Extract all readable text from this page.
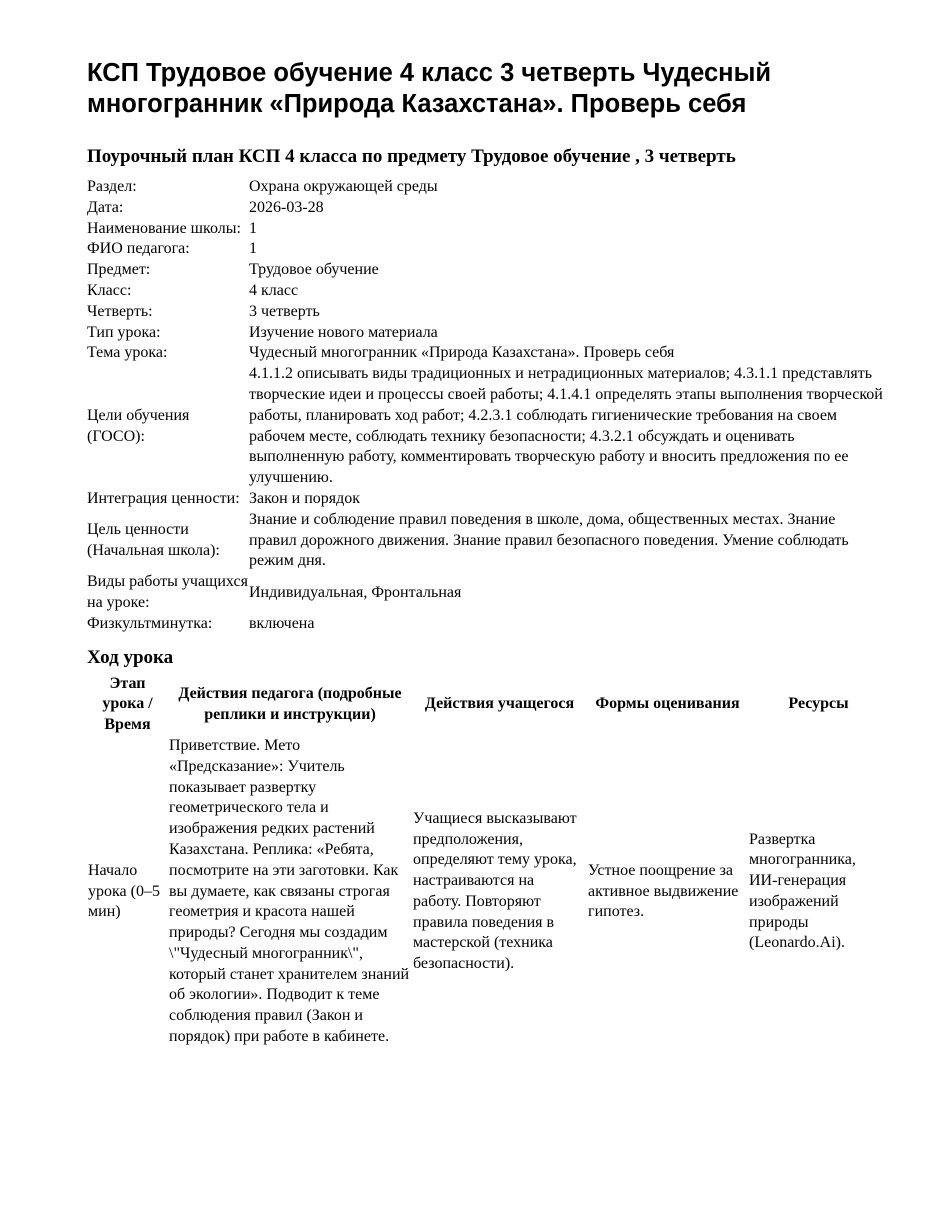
КСП Трудовое обучение 4 класс 3 четверть Чудесный многогранник «Природа Казахстана». Проверь себя
Поурочный план КСП 4 класса по предмету Трудовое обучение , 3 четверть
Раздел:	Охрана окружающей среды
Дата:	2026-03-28
Наименование школы:	1
ФИО педагога:	1
Предмет:	Трудовое обучение
Класс:	4 класс
Четверть:	3 четверть
Тип урока:	Изучение нового материала
Тема урока:	Чудесный многогранник «Природа Казахстана». Проверь себя
Цели обучения (ГОСО):	4.1.1.2 описывать виды традиционных и нетрадиционных материалов; 4.3.1.1 представлять творческие идеи и процессы своей работы; 4.1.4.1 определять этапы выполнения творческой работы, планировать ход работ; 4.2.3.1 соблюдать гигиенические требования на своем рабочем месте, соблюдать технику безопасности; 4.3.2.1 обсуждать и оценивать выполненную работу, комментировать творческую работу и вносить предложения по ее улучшению.
Интеграция ценности:	Закон и порядок
Цель ценности (Начальная школа):	Знание и соблюдение правил поведения в школе, дома, общественных местах. Знание правил дорожного движения. Знание правил безопасного поведения. Умение соблюдать режим дня.
Виды работы учащихся на уроке:	Индивидуальная, Фронтальная
Физкультминутка:	включена
Ход урока
Этап урока / Время	Действия педагога (подробные реплики и инструкции)	Действия учащегося	Формы оценивания	Ресурсы
Начало урока (0–5 мин)	Приветствие. Мето «Предсказание»: Учитель показывает развертку геометрического тела и изображения редких растений Казахстана. Реплика: «Ребята, посмотрите на эти заготовки. Как вы думаете, как связаны строгая геометрия и красота нашей природы? Сегодня мы создадим \"Чудесный многогранник\", который станет хранителем знаний об экологии». Подводит к теме соблюдения правил (Закон и порядок) при работе в кабинете.	Учащиеся высказывают предположения, определяют тему урока, настраиваются на работу. Повторяют правила поведения в мастерской (техника безопасности).	Устное поощрение за активное выдвижение гипотез.	Развертка многогранника, ИИ-генерация изображений природы (Leonardo.Ai).
